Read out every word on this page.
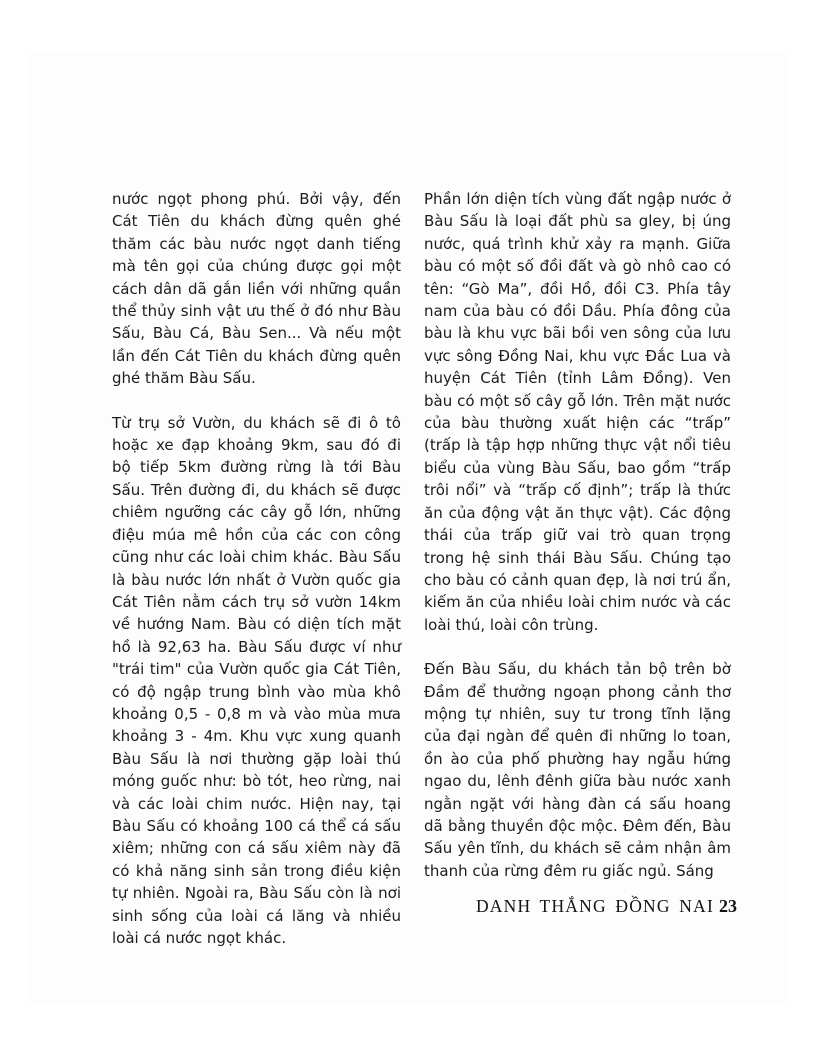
nước ngọt phong phú. Bởi vậy, đến Cát Tiên du khách đừng quên ghé thăm các bàu nước ngọt danh tiếng mà tên gọi của chúng được gọi một cách dân dã gắn liền với những quần thể thủy sinh vật ưu thế ở đó như Bàu Sấu, Bàu Cá, Bàu Sen... Và nếu một lần đến Cát Tiên du khách đừng quên ghé thăm Bàu Sấu.

Từ trụ sở Vườn, du khách sẽ đi ô tô hoặc xe đạp khoảng 9km, sau đó đi bộ tiếp 5km đường rừng là tới Bàu Sấu. Trên đường đi, du khách sẽ được chiêm ngưỡng các cây gỗ lớn, những điệu múa mê hồn của các con công cũng như các loài chim khác. Bàu Sấu là bàu nước lớn nhất ở Vườn quốc gia Cát Tiên nằm cách trụ sở vườn 14km về hướng Nam. Bàu có diện tích mặt hồ là 92,63 ha. Bàu Sấu được ví như "trái tim" của Vườn quốc gia Cát Tiên, có độ ngập trung bình vào mùa khô khoảng 0,5 - 0,8 m và vào mùa mưa khoảng 3 - 4m. Khu vực xung quanh Bàu Sấu là nơi thường gặp loài thú móng guốc như: bò tót, heo rừng, nai và các loài chim nước. Hiện nay, tại Bàu Sấu có khoảng 100 cá thể cá sấu xiêm; những con cá sấu xiêm này đã có khả năng sinh sản trong điều kiện tự nhiên. Ngoài ra, Bàu Sấu còn là nơi sinh sống của loài cá lăng và nhiều loài cá nước ngọt khác.

Phần lớn diện tích vùng đất ngập nước ở Bàu Sấu là loại đất phù sa gley, bị úng nước, quá trình khử xảy ra mạnh. Giữa bàu có một số đồi đất và gò nhô cao có tên: “Gò Ma”, đồi Hồ, đồi C3. Phía tây nam của bàu có đồi Dầu. Phía đông của bàu là khu vực bãi bồi ven sông của lưu vực sông Đồng Nai, khu vực Đắc Lua và huyện Cát Tiên (tỉnh Lâm Đồng). Ven bàu có một số cây gỗ lớn. Trên mặt nước của bàu thường xuất hiện các “trấp” (trấp là tập hợp những thực vật nổi tiêu biểu của vùng Bàu Sấu, bao gồm “trấp trôi nổi” và “trấp cố định”; trấp là thức ăn của động vật ăn thực vật). Các động thái của trấp giữ vai trò quan trọng trong hệ sinh thái Bàu Sấu. Chúng tạo cho bàu có cảnh quan đẹp, là nơi trú ẩn, kiếm ăn của nhiều loài chim nước và các loài thú, loài côn trùng.

Đến Bàu Sấu, du khách tản bộ trên bờ Đầm để thưởng ngoạn phong cảnh thơ mộng tự nhiên, suy tư trong tĩnh lặng của đại ngàn để quên đi những lo toan, ồn ào của phố phường hay ngẫu hứng ngao du, lênh đênh giữa bàu nước xanh ngằn ngặt với hàng đàn cá sấu hoang dã bằng thuyền độc mộc. Đêm đến, Bàu Sấu yên tĩnh, du khách sẽ cảm nhận âm thanh của rừng đêm ru giấc ngủ. Sáng

DANH THẮNG ĐỒNG NAI 23
